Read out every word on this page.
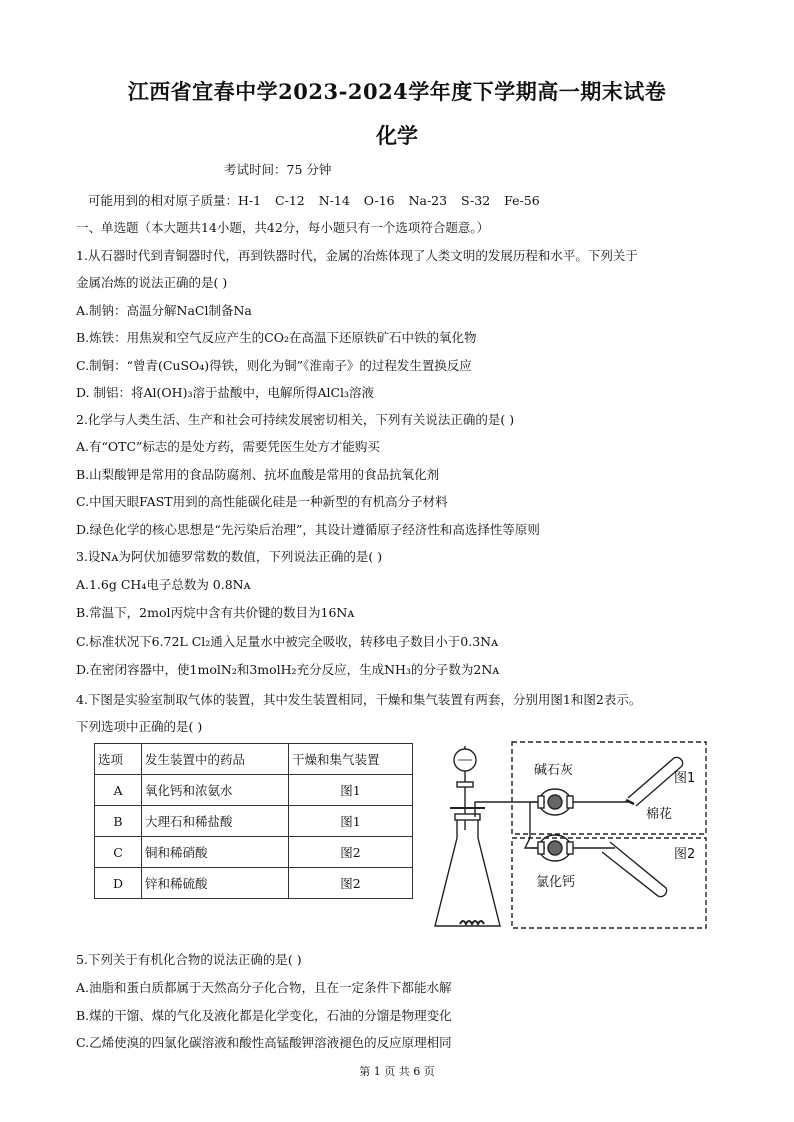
江西省宜春中学2023-2024学年度下学期高一期末试卷
化学
考试时间：75 分钟
可能用到的相对原子质量：H-1 C-12 N-14 O-16 Na-23 S-32 Fe-56
一、单选题（本大题共14小题，共42分，每小题只有一个选项符合题意。）
1.从石器时代到青铜器时代，再到铁器时代，金属的冶炼体现了人类文明的发展历程和水平。下列关于
金属冶炼的说法正确的是( )
A.制钠：高温分解NaCl制备Na
B.炼铁：用焦炭和空气反应产生的CO₂在高温下还原铁矿石中铁的氧化物
C.制铜：“曾青(CuSO₄)得铁，则化为铜”《淮南子》的过程发生置换反应
D. 制铝：将Al(OH)₃溶于盐酸中，电解所得AlCl₃溶液
2.化学与人类生活、生产和社会可持续发展密切相关，下列有关说法正确的是( )
A.有“OTC”标志的是处方药，需要凭医生处方才能购买
B.山梨酸钾是常用的食品防腐剂、抗坏血酸是常用的食品抗氧化剂
C.中国天眼FAST用到的高性能碳化硅是一种新型的有机高分子材料
D.绿色化学的核心思想是“先污染后治理”，其设计遵循原子经济性和高选择性等原则
3.设Nᴀ为阿伏加德罗常数的数值，下列说法正确的是( )
A.1.6g CH₄电子总数为 0.8Nᴀ
B.常温下，2mol丙烷中含有共价键的数目为16Nᴀ
C.标准状况下6.72L Cl₂通入足量水中被完全吸收，转移电子数目小于0.3Nᴀ
D.在密闭容器中，使1molN₂和3molH₂充分反应，生成NH₃的分子数为2Nᴀ
4.下图是实验室制取气体的装置，其中发生装置相同，干燥和集气装置有两套，分别用图1和图2表示。
下列选项中正确的是( )
选项	发生装置中的药品	干燥和集气装置
A	氧化钙和浓氨水	图1
B	大理石和稀盐酸	图1
C	铜和稀硝酸	图2
D	锌和稀硫酸	图2
碱石灰
图1
棉花
图2
氯化钙
5.下列关于有机化合物的说法正确的是( )
A.油脂和蛋白质都属于天然高分子化合物，且在一定条件下都能水解
B.煤的干馏、煤的气化及液化都是化学变化，石油的分馏是物理变化
C.乙烯使溴的四氯化碳溶液和酸性高锰酸钾溶液褪色的反应原理相同
第 1 页 共 6 页
